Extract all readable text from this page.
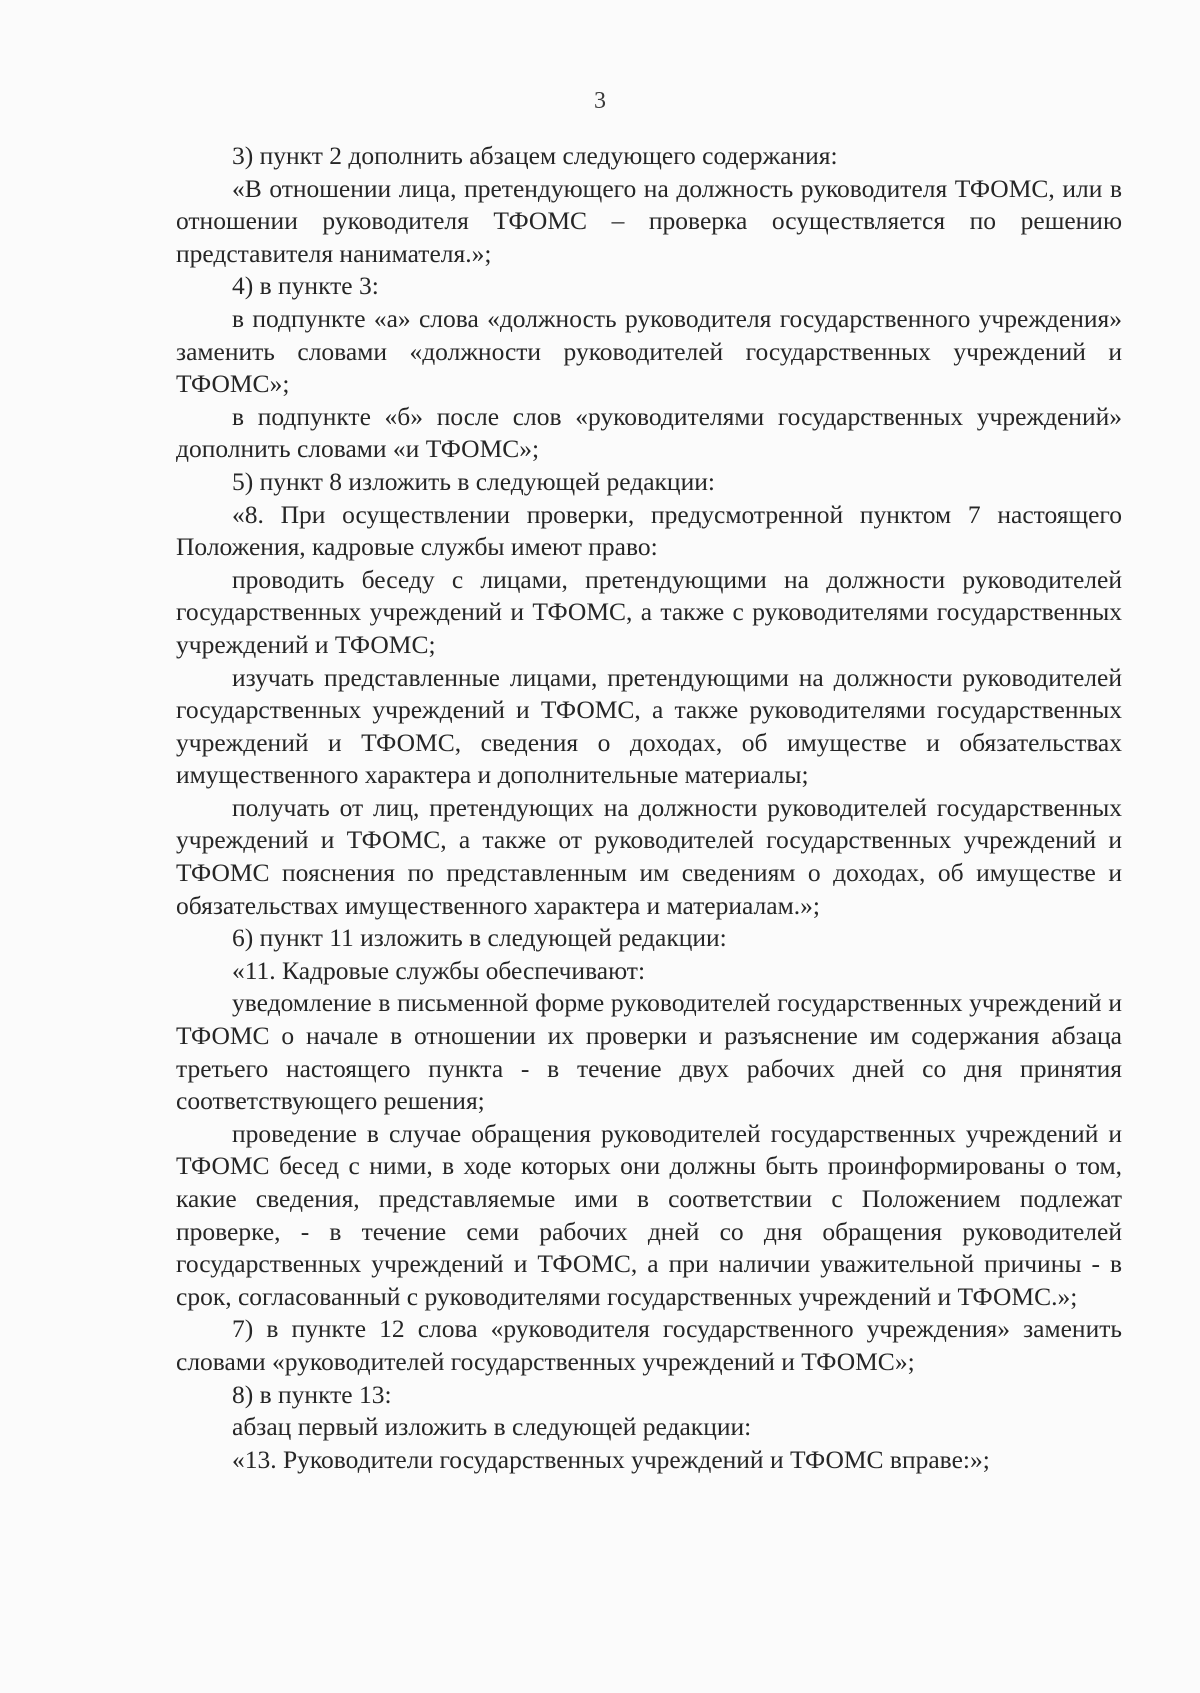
3

3) пункт 2 дополнить абзацем следующего содержания:

«В отношении лица, претендующего на должность руководителя ТФОМС, или в отношении руководителя ТФОМС – проверка осуществляется по решению представителя нанимателя.»;

4) в пункте 3:

в подпункте «а» слова «должность руководителя государственного учреждения» заменить словами «должности руководителей государственных учреждений и ТФОМС»;

в подпункте «б» после слов «руководителями государственных учреждений» дополнить словами «и ТФОМС»;

5) пункт 8 изложить в следующей редакции:

«8. При осуществлении проверки, предусмотренной пунктом 7 настоящего Положения, кадровые службы имеют право:

проводить беседу с лицами, претендующими на должности руководителей государственных учреждений и ТФОМС, а также с руководителями государственных учреждений и ТФОМС;

изучать представленные лицами, претендующими на должности руководителей государственных учреждений и ТФОМС, а также руководителями государственных учреждений и ТФОМС, сведения о доходах, об имуществе и обязательствах имущественного характера и дополнительные материалы;

получать от лиц, претендующих на должности руководителей государственных учреждений и ТФОМС, а также от руководителей государственных учреждений и ТФОМС пояснения по представленным им сведениям о доходах, об имуществе и обязательствах имущественного характера и материалам.»;

6) пункт 11 изложить в следующей редакции:

«11. Кадровые службы обеспечивают:

уведомление в письменной форме руководителей государственных учреждений и ТФОМС о начале в отношении их проверки и разъяснение им содержания абзаца третьего настоящего пункта - в течение двух рабочих дней со дня принятия соответствующего решения;

проведение в случае обращения руководителей государственных учреждений и ТФОМС бесед с ними, в ходе которых они должны быть проинформированы о том, какие сведения, представляемые ими в соответствии с Положением подлежат проверке, - в течение семи рабочих дней со дня обращения руководителей государственных учреждений и ТФОМС, а при наличии уважительной причины - в срок, согласованный с руководителями государственных учреждений и ТФОМС.»;

7) в пункте 12 слова «руководителя государственного учреждения» заменить словами «руководителей государственных учреждений и ТФОМС»;

8) в пункте 13:

абзац первый изложить в следующей редакции:

«13. Руководители государственных учреждений и ТФОМС вправе:»;
